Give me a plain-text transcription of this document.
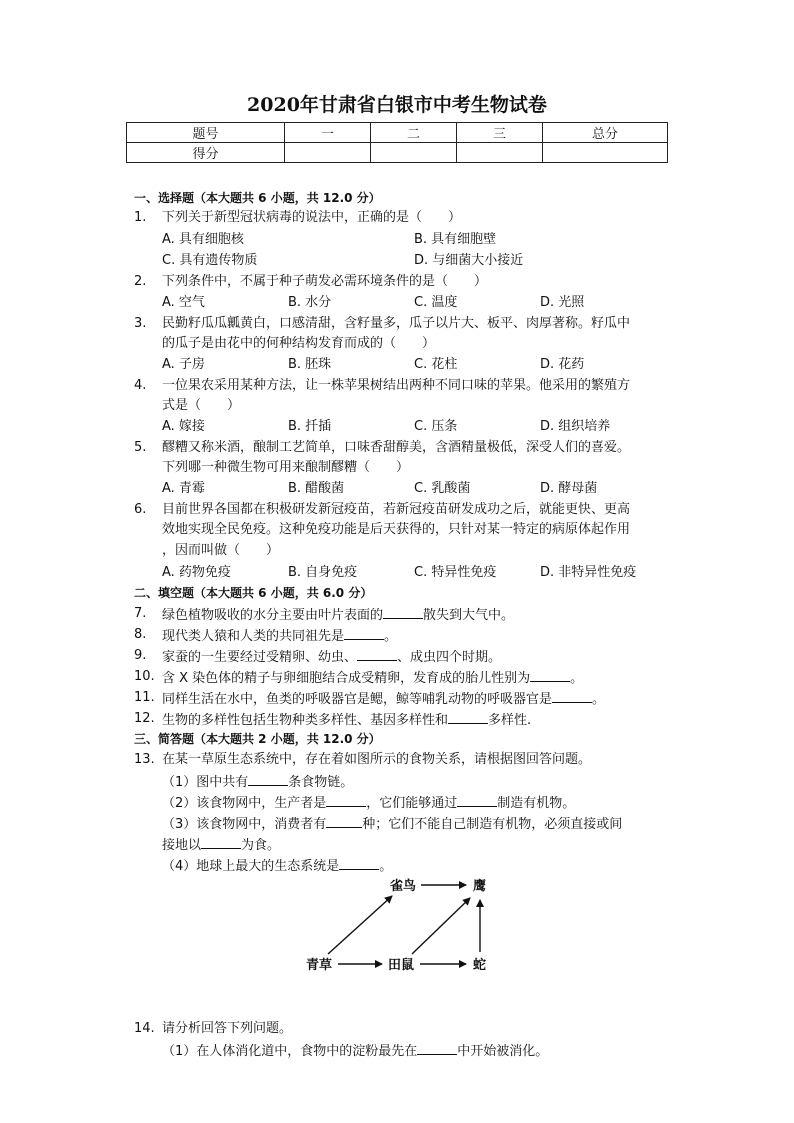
2020年甘肃省白银市中考生物试卷
题号	一	二	三	总分
得分				
一、选择题（本大题共 6 小题，共 12.0 分）
1.	下列关于新型冠状病毒的说法中，正确的是（　　）
A. 具有细胞核	B. 具有细胞壁
C. 具有遗传物质	D. 与细菌大小接近
2.	下列条件中，不属于种子萌发必需环境条件的是（　　）
A. 空气	B. 水分	C. 温度	D. 光照
3.	民勤籽瓜瓜瓤黄白，口感清甜，含籽量多，瓜子以片大、板平、肉厚著称。籽瓜中
的瓜子是由花中的何种结构发育而成的（　　）
A. 子房	B. 胚珠	C. 花柱	D. 花药
4.	一位果农采用某种方法，让一株苹果树结出两种不同口味的苹果。他采用的繁殖方
式是（　　）
A. 嫁接	B. 扦插	C. 压条	D. 组织培养
5.	醪糟又称米酒，酿制工艺简单，口味香甜醇美，含酒精量极低，深受人们的喜爱。
下列哪一种微生物可用来酿制醪糟（　　）
A. 青霉	B. 醋酸菌	C. 乳酸菌	D. 酵母菌
6.	目前世界各国都在积极研发新冠疫苗，若新冠疫苗研发成功之后，就能更快、更高
效地实现全民免疫。这种免疫功能是后天获得的，只针对某一特定的病原体起作用
，因而叫做（　　）
A. 药物免疫	B. 自身免疫	C. 特异性免疫	D. 非特异性免疫
二、填空题（本大题共 6 小题，共 6.0 分）
7.	绿色植物吸收的水分主要由叶片表面的	散失到大气中。
8.	现代类人猿和人类的共同祖先是	。
9.	家蚕的一生要经过受精卵、幼虫、	、成虫四个时期。
10. 含 X 染色体的精子与卵细胞结合成受精卵，发育成的胎儿性别为	。
11. 同样生活在水中，鱼类的呼吸器官是鳃，鲸等哺乳动物的呼吸器官是	。
12. 生物的多样性包括生物种类多样性、基因多样性和	多样性.
三、简答题（本大题共 2 小题，共 12.0 分）
13. 在某一草原生态系统中，存在着如图所示的食物关系，请根据图回答问题。
（1）图中共有	条食物链。
（2）该食物网中，生产者是	，它们能够通过	制造有机物。
（3）该食物网中，消费者有	种；它们不能自己制造有机物，必须直接或间
接地以	为食。
（4）地球上最大的生态系统是	。
雀鸟	鹰
青草	田鼠	蛇
14. 请分析回答下列问题。
（1）在人体消化道中，食物中的淀粉最先在	中开始被消化。
